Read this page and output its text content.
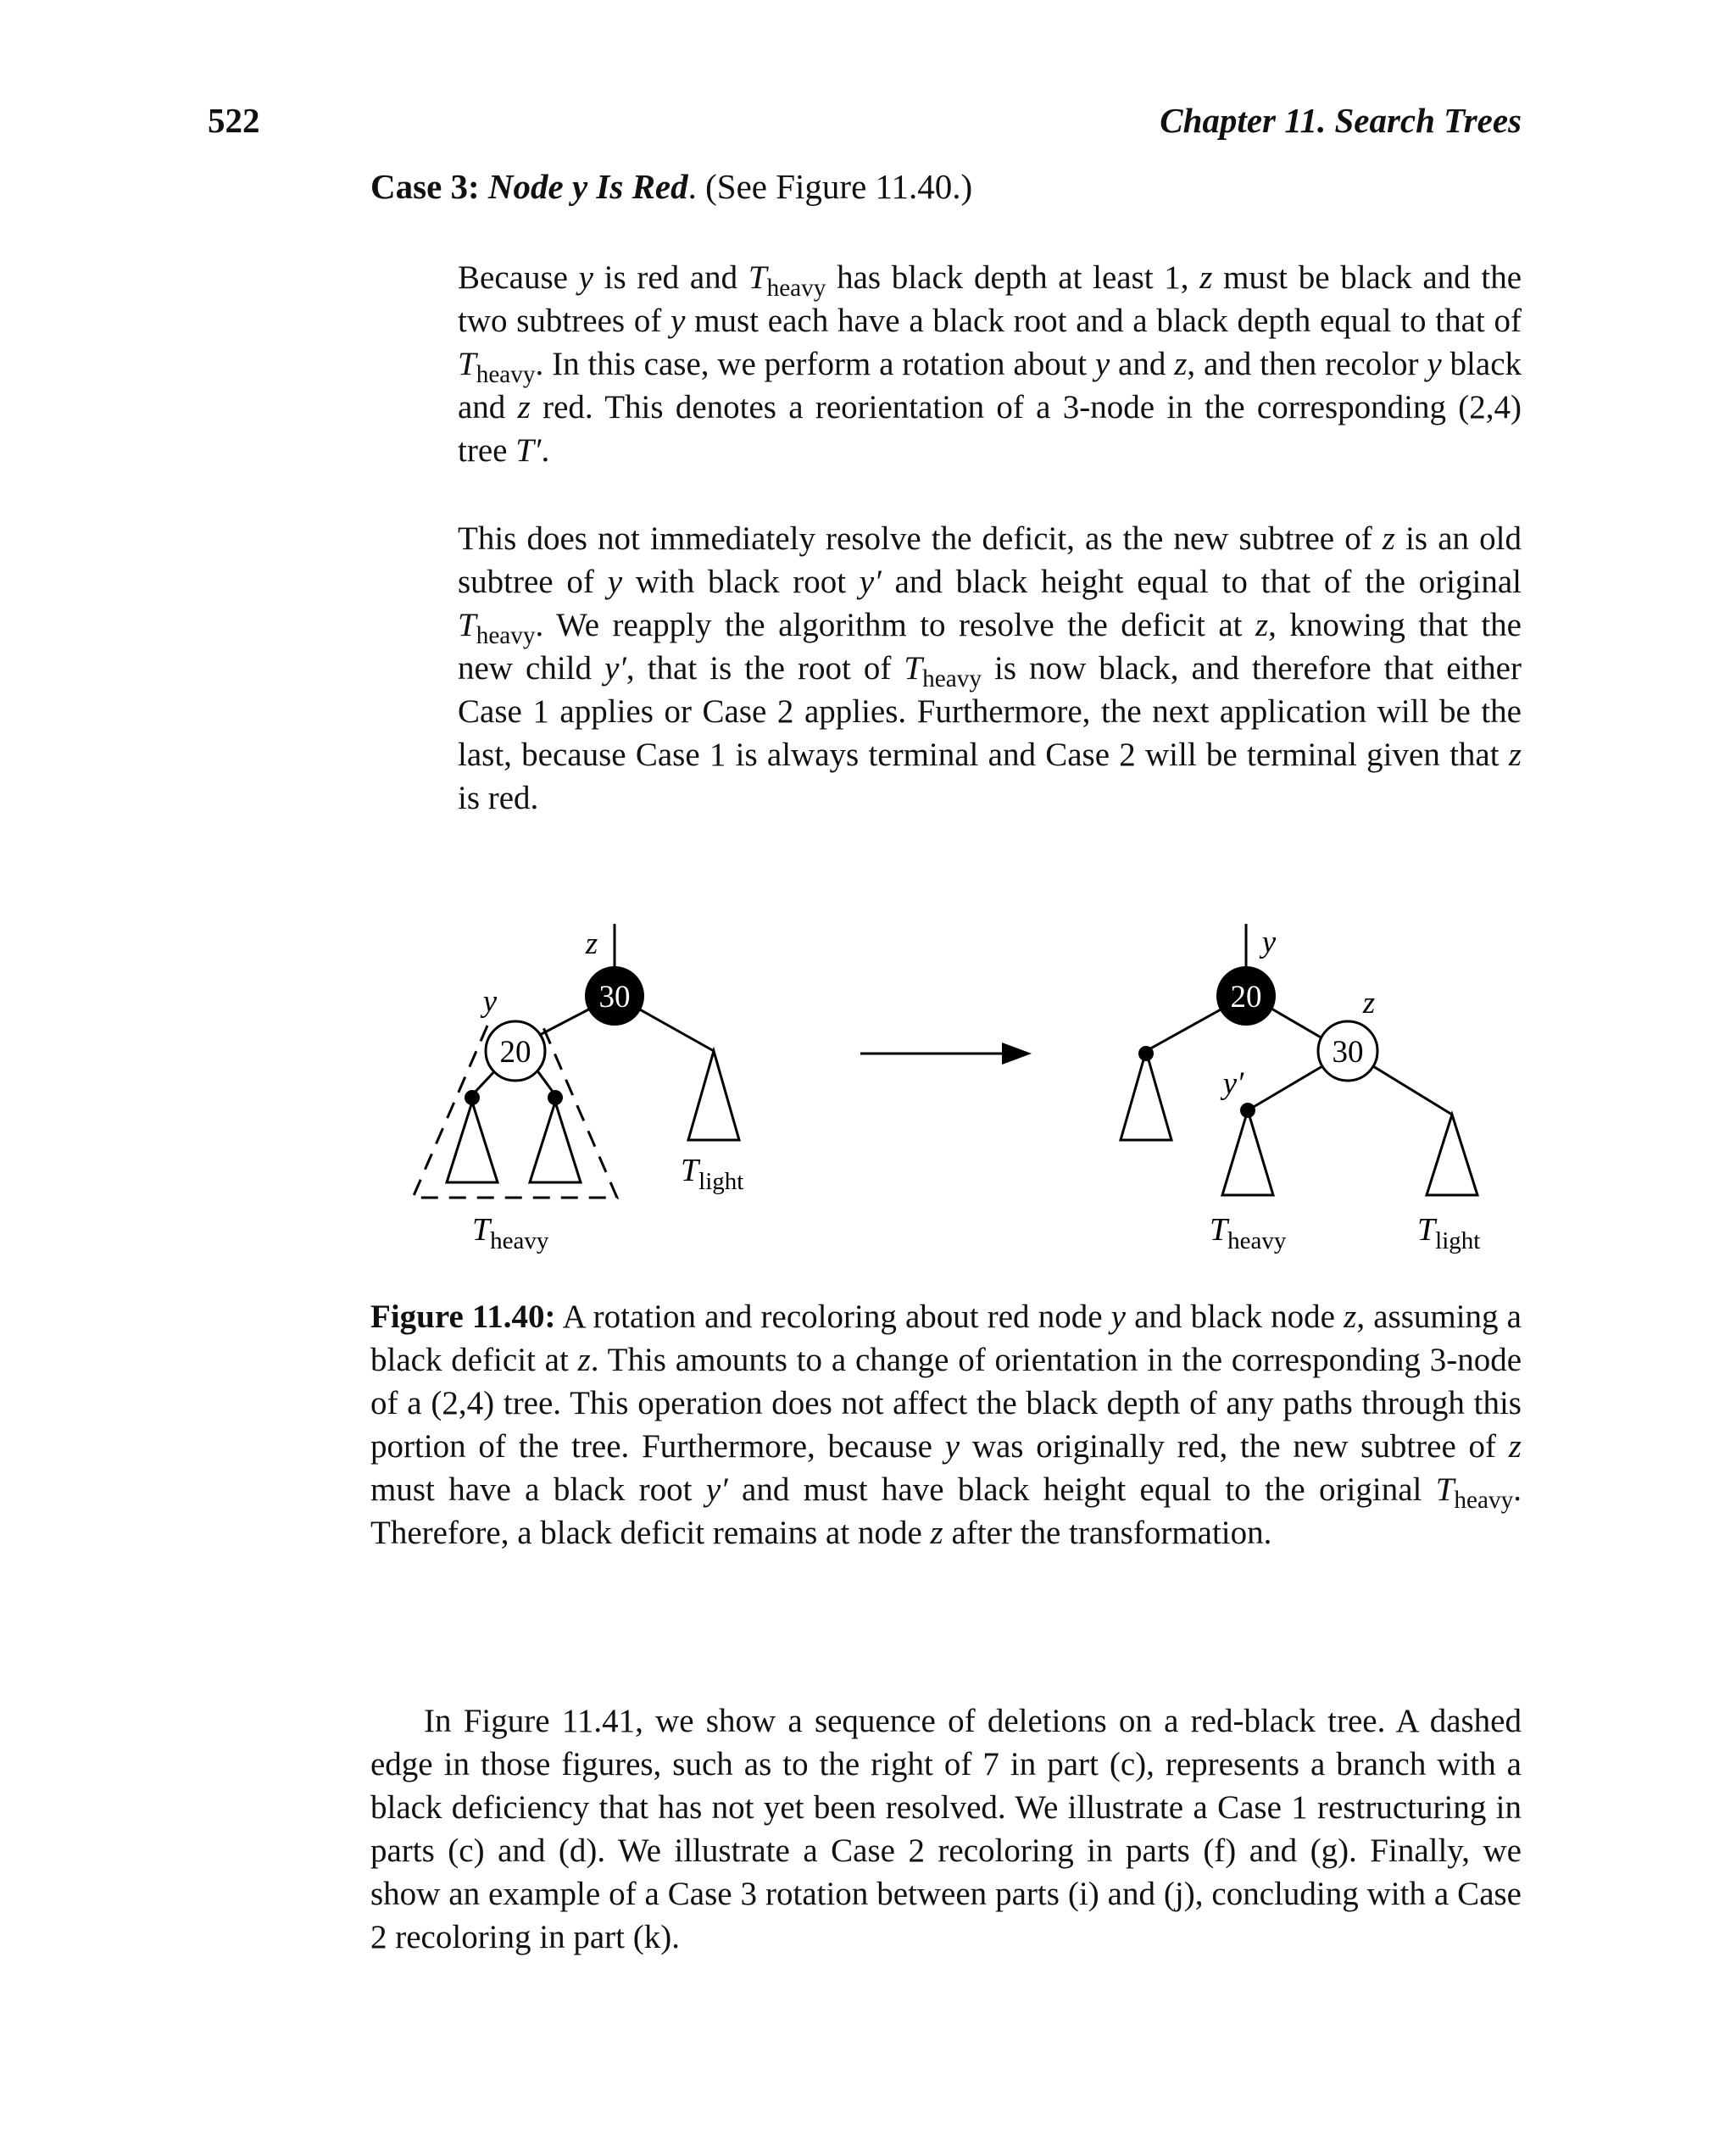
522	Chapter 11. Search Trees
Case 3: Node y Is Red. (See Figure 11.40.)
Because y is red and $T_{heavy}$ has black depth at least 1, z must be black and the two subtrees of y must each have a black root and a black depth equal to that of $T_{heavy}$. In this case, we perform a rotation about y and z, and then recolor y black and z red. This denotes a reorientation of a 3-node in the corresponding (2,4) tree T′.
This does not immediately resolve the deficit, as the new subtree of z is an old subtree of y with black root y′ and black height equal to that of the original $T_{heavy}$. We reapply the algorithm to resolve the deficit at z, knowing that the new child y′, that is the root of $T_{heavy}$ is now black, and therefore that either Case 1 applies or Case 2 applies. Furthermore, the next application will be the last, because Case 1 is always terminal and Case 2 will be terminal given that z is red.
30
20
z
y
$T_{light}$
$T_{heavy}$
20
30
y
z
y′
$T_{heavy}$	$T_{light}$
Figure 11.40: A rotation and recoloring about red node y and black node z, assuming a black deficit at z. This amounts to a change of orientation in the corresponding 3-node of a (2,4) tree. This operation does not affect the black depth of any paths through this portion of the tree. Furthermore, because y was originally red, the new subtree of z must have a black root y′ and must have black height equal to the original $T_{heavy}$. Therefore, a black deficit remains at node z after the transformation.
In Figure 11.41, we show a sequence of deletions on a red-black tree. A dashed edge in those figures, such as to the right of 7 in part (c), represents a branch with a black deficiency that has not yet been resolved. We illustrate a Case 1 restructuring in parts (c) and (d). We illustrate a Case 2 recoloring in parts (f) and (g). Finally, we show an example of a Case 3 rotation between parts (i) and (j), concluding with a Case 2 recoloring in part (k).
